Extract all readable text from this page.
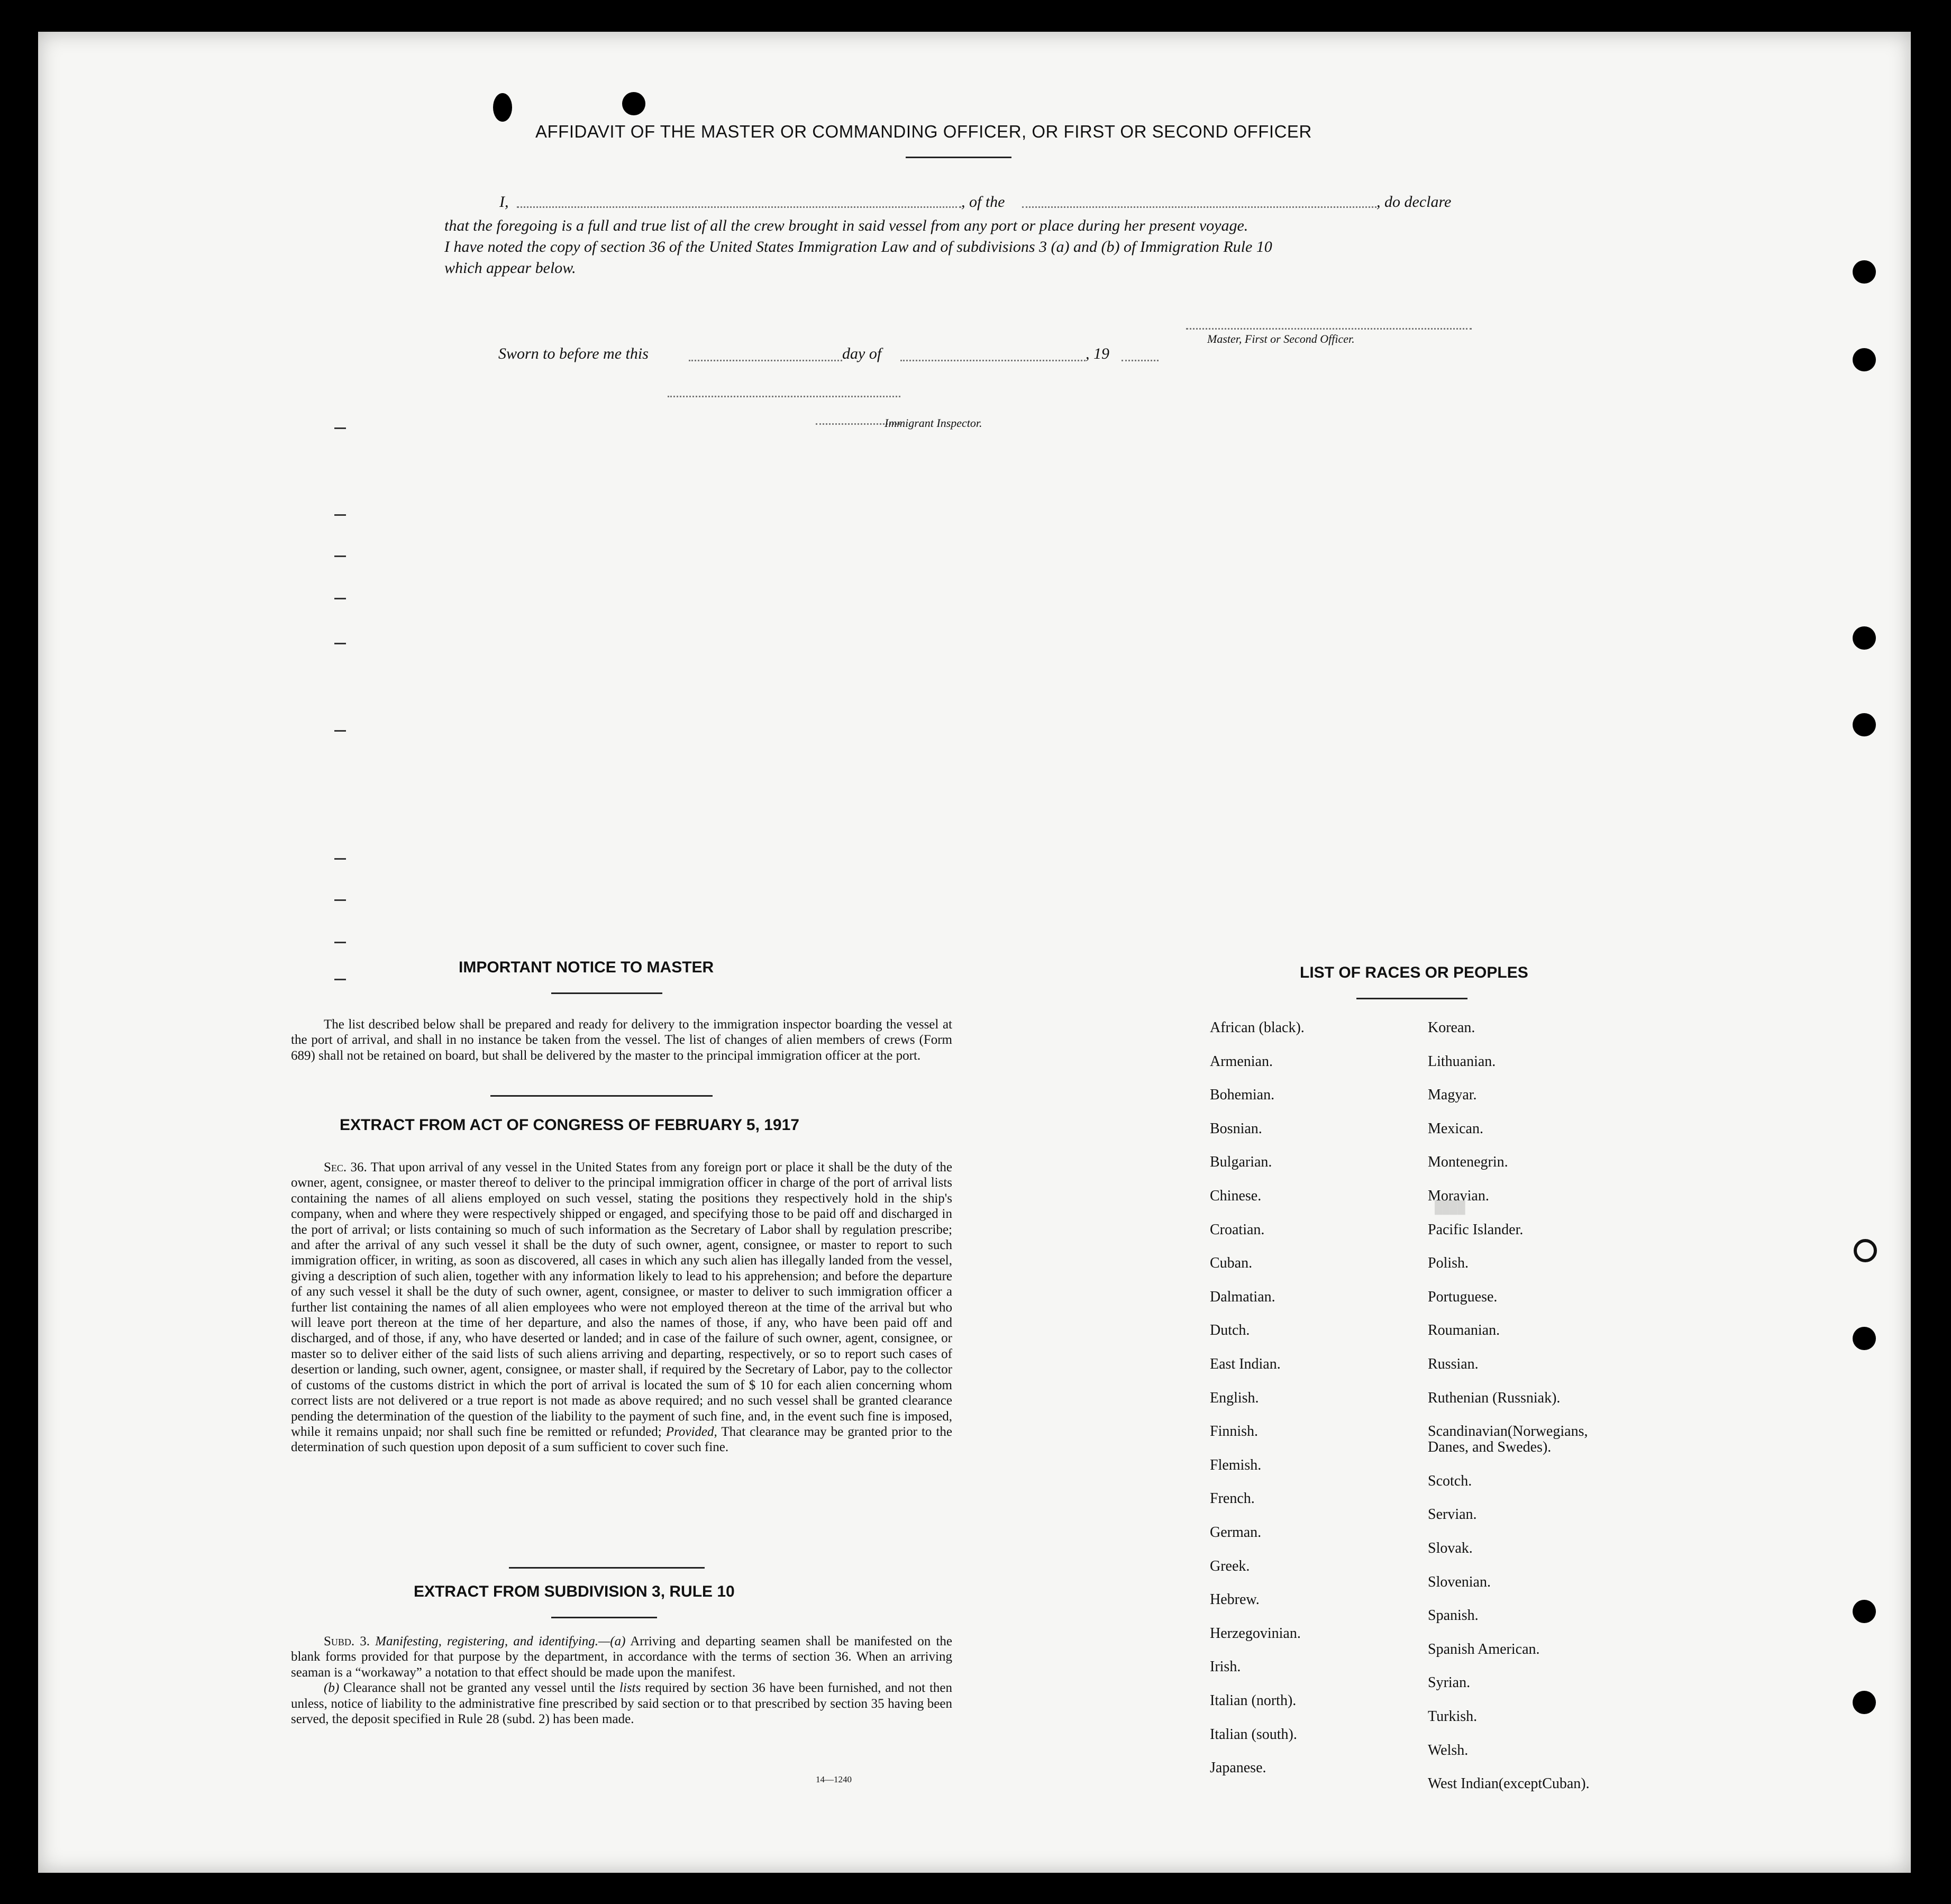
████
AFFIDAVIT OF THE MASTER OR COMMANDING OFFICER, OR FIRST OR SECOND OFFICER
I,	, of the	, do declare
that the foregoing is a full and true list of all the crew brought in said vessel from any port or place during her present voyage.
I have noted the copy of section 36 of the United States Immigration Law and of subdivisions 3 (a) and (b) of Immigration Rule 10
which appear below.
Master, First or Second Officer.
Sworn to before me this	day of	, 19
Immigrant Inspector.
IMPORTANT NOTICE TO MASTER

The list described below shall be prepared and ready for delivery to the immigration inspector boarding the vessel at the port of arrival, and shall in no instance be taken from the vessel. The list of changes of alien members of crews (Form 689) shall not be retained on board, but shall be delivered by the master to the principal immigration officer at the port.

EXTRACT FROM ACT OF CONGRESS OF FEBRUARY 5, 1917

Sec. 36. That upon arrival of any vessel in the United States from any foreign port or place it shall be the duty of the owner, agent, consignee, or master thereof to deliver to the principal immigration officer in charge of the port of arrival lists containing the names of all aliens employed on such vessel, stating the positions they respectively hold in the ship's company, when and where they were respectively shipped or engaged, and specifying those to be paid off and discharged in the port of arrival; or lists containing so much of such information as the Secretary of Labor shall by regulation prescribe; and after the arrival of any such vessel it shall be the duty of such owner, agent, consignee, or master to report to such immigration officer, in writing, as soon as discovered, all cases in which any such alien has illegally landed from the vessel, giving a description of such alien, together with any information likely to lead to his apprehension; and before the departure of any such vessel it shall be the duty of such owner, agent, consignee, or master to deliver to such immigration officer a further list containing the names of all alien employees who were not employed thereon at the time of the arrival but who will leave port thereon at the time of her departure, and also the names of those, if any, who have been paid off and discharged, and of those, if any, who have deserted or landed; and in case of the failure of such owner, agent, consignee, or master so to deliver either of the said lists of such aliens arriving and departing, respectively, or so to report such cases of desertion or landing, such owner, agent, consignee, or master shall, if required by the Secretary of Labor, pay to the collector of customs of the customs district in which the port of arrival is located the sum of $ 10 for each alien concerning whom correct lists are not delivered or a true report is not made as above required; and no such vessel shall be granted clearance pending the determination of the question of the liability to the payment of such fine, and, in the event such fine is imposed, while it remains unpaid; nor shall such fine be remitted or refunded; Provided, That clearance may be granted prior to the determination of such question upon deposit of a sum sufficient to cover such fine.

EXTRACT FROM SUBDIVISION 3, RULE 10

Subd. 3. Manifesting, registering, and identifying.—(a) Arriving and departing seamen shall be manifested on the blank forms provided for that purpose by the department, in accordance with the terms of section 36. When an arriving seaman is a “workaway” a notation to that effect should be made upon the manifest.

(b) Clearance shall not be granted any vessel until the lists required by section 36 have been furnished, and not then unless, notice of liability to the administrative fine prescribed by said section or to that prescribed by section 35 having been served, the deposit specified in Rule 28 (subd. 2) has been made.

14—1240
LIST OF RACES OR PEOPLES
African (black).
Armenian.
Bohemian.
Bosnian.
Bulgarian.
Chinese.
Croatian.
Cuban.
Dalmatian.
Dutch.
East Indian.
English.
Finnish.
Flemish.
French.
German.
Greek.
Hebrew.
Herzegovinian.
Irish.
Italian (north).
Italian (south).
Japanese.
Korean.
Lithuanian.
Magyar.
Mexican.
Montenegrin.
Moravian.
Pacific Islander.
Polish.
Portuguese.
Roumanian.
Russian.
Ruthenian (Russniak).
Scandinavian(Norwegians, Danes, and Swedes).
Scotch.
Servian.
Slovak.
Slovenian.
Spanish.
Spanish American.
Syrian.
Turkish.
Welsh.
West Indian(exceptCuban).
